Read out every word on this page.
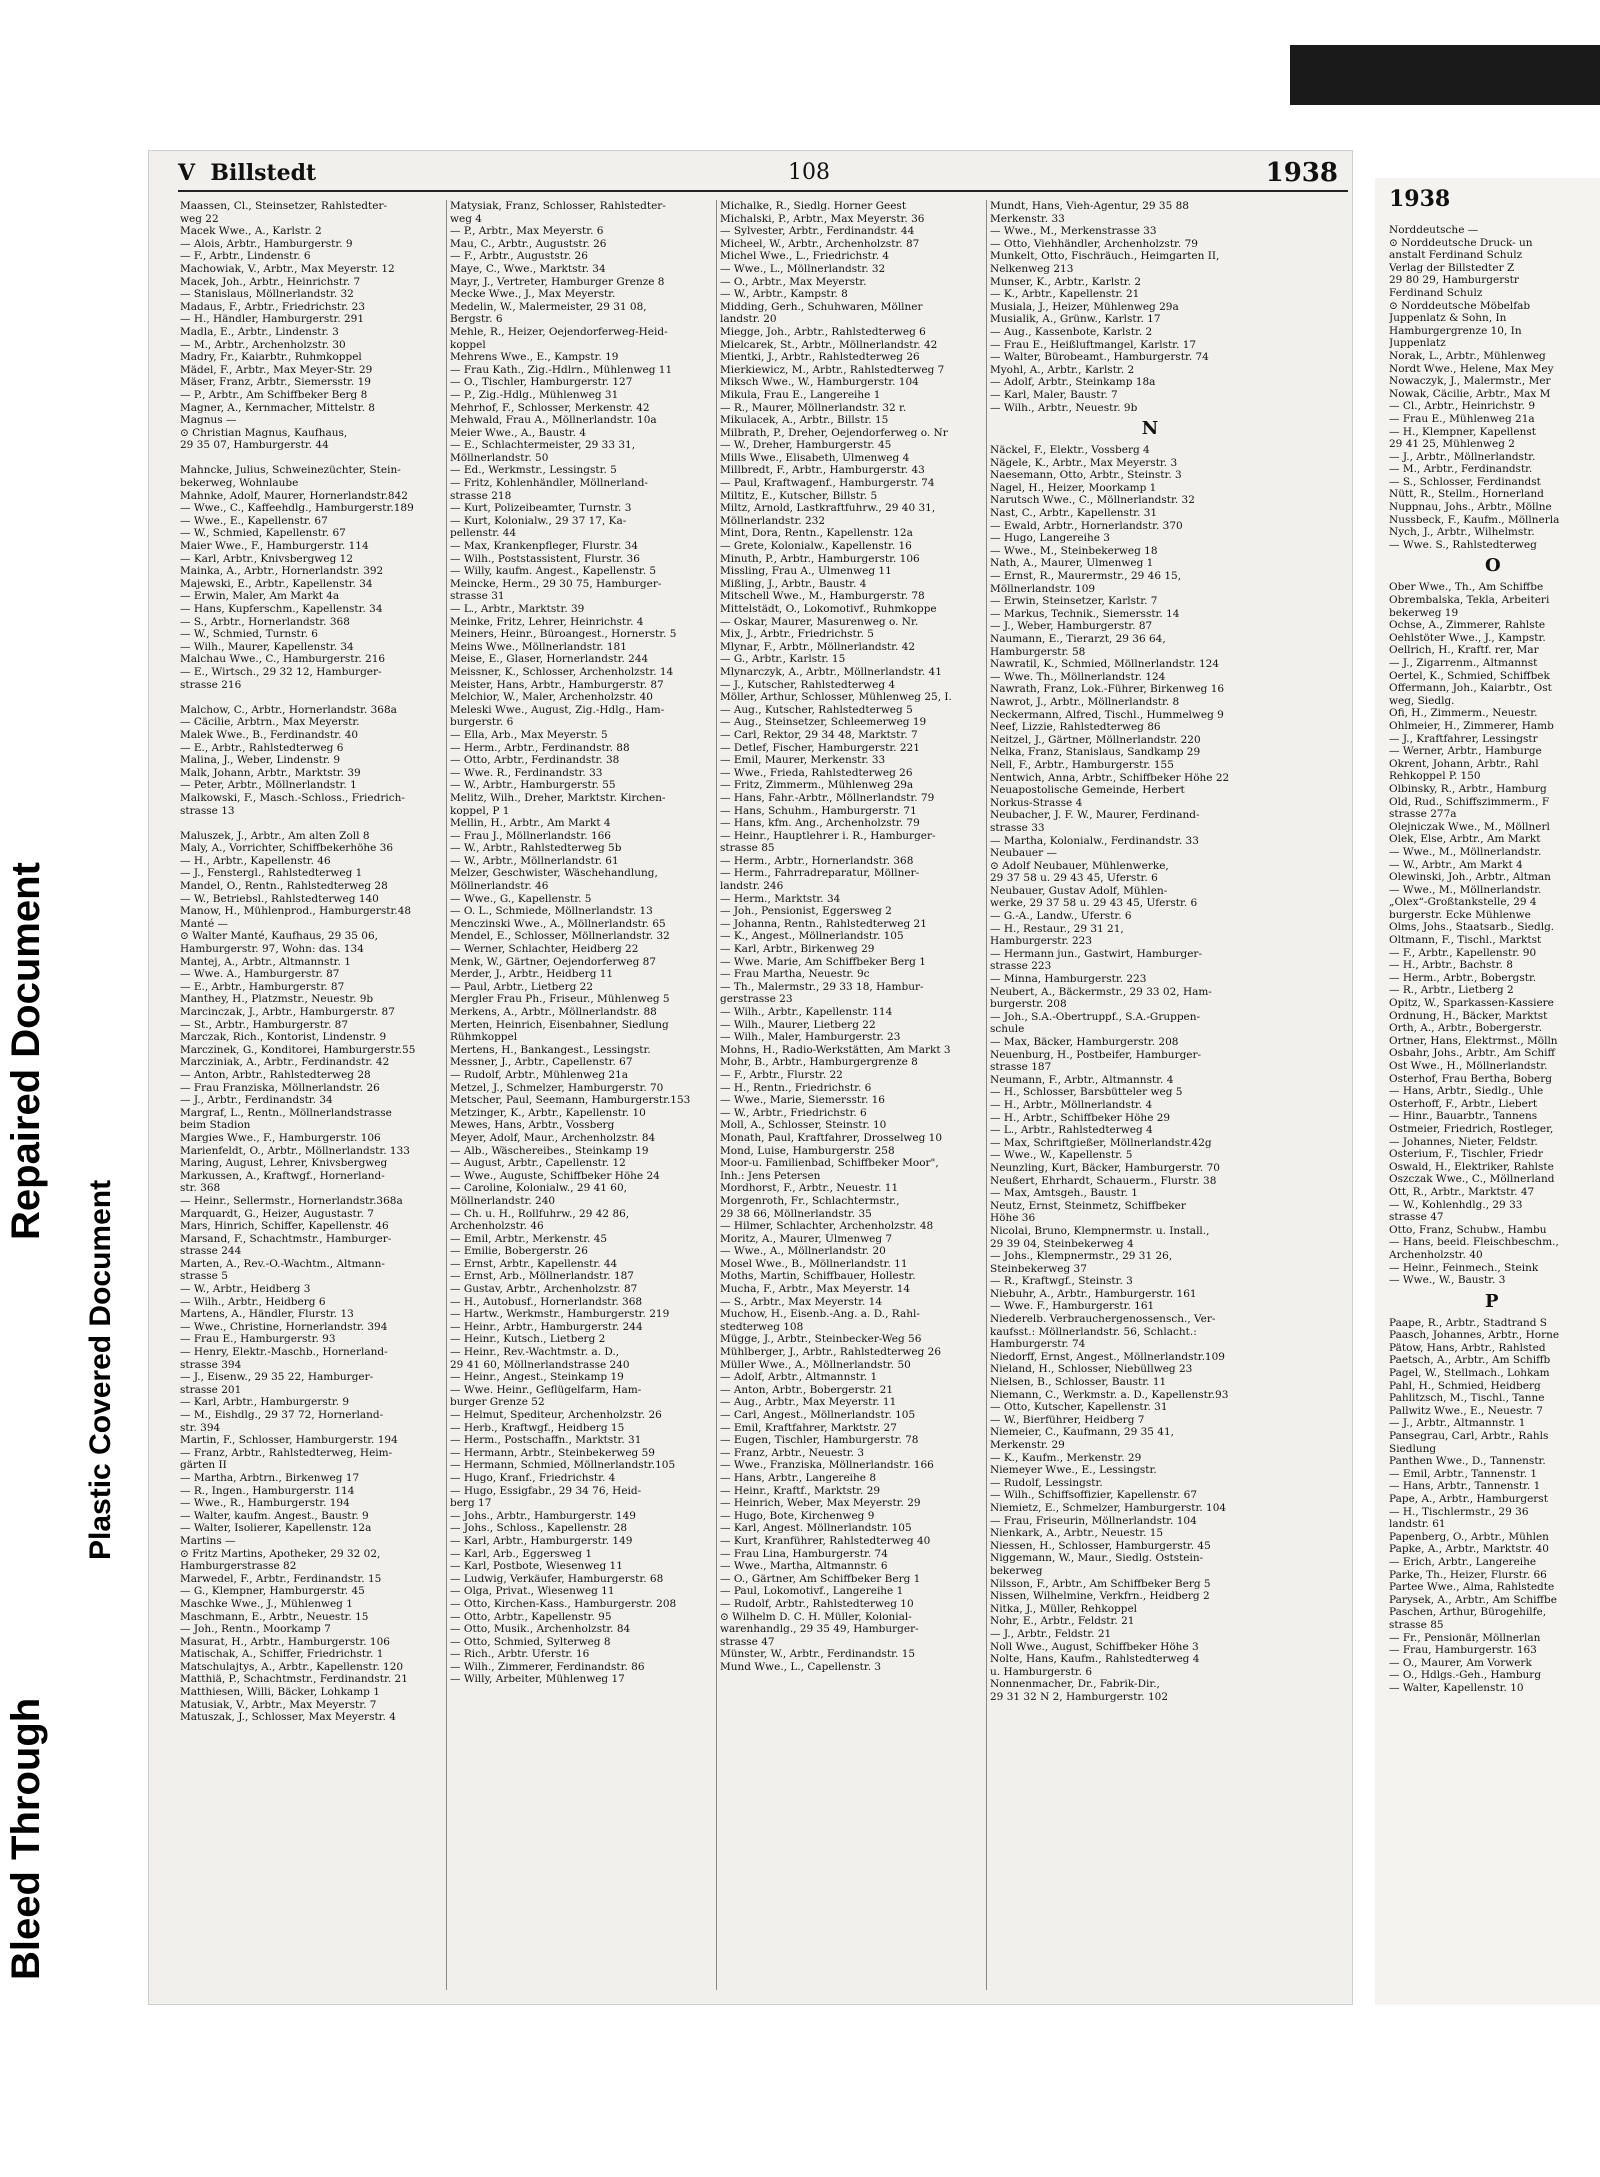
Bleed Through
Repaired Document
Plastic Covered Document
V Billstedt	108	1938
Maassen, Cl., Steinsetzer, Rahlstedter-
weg 22
Macek Wwe., A., Karlstr. 2
— Alois, Arbtr., Hamburgerstr. 9
— F., Arbtr., Lindenstr. 6
Machowiak, V., Arbtr., Max Meyerstr. 12
Macek, Joh., Arbtr., Heinrichstr. 7
— Stanislaus, Möllnerlandstr. 32
Madaus, F., Arbtr., Friedrichstr. 23
— H., Händler, Hamburgerstr. 291
Madla, E., Arbtr., Lindenstr. 3
— M., Arbtr., Archenholzstr. 30
Madry, Fr., Kaiarbtr., Ruhmkoppel
Mädel, F., Arbtr., Max Meyer-Str. 29
Mäser, Franz, Arbtr., Siemersstr. 19
— P., Arbtr., Am Schiffbeker Berg 8
Magner, A., Kernmacher, Mittelstr. 8
Magnus —
⊙ Christian Magnus, Kaufhaus,
29 35 07, Hamburgerstr. 44

Mahncke, Julius, Schweinezüchter, Stein-
bekerweg, Wohnlaube
Mahnke, Adolf, Maurer, Hornerlandstr.842
— Wwe., C., Kaffeehdlg., Hamburgerstr.189
— Wwe., E., Kapellenstr. 67
— W., Schmied, Kapellenstr. 67
Maier Wwe., F., Hamburgerstr. 114
— Karl, Arbtr., Knivsbergweg 12
Mainka, A., Arbtr., Hornerlandstr. 392
Majewski, E., Arbtr., Kapellenstr. 34
— Erwin, Maler, Am Markt 4a
— Hans, Kupferschm., Kapellenstr. 34
— S., Arbtr., Hornerlandstr. 368
— W., Schmied, Turnstr. 6
— Wilh., Maurer, Kapellenstr. 34
Malchau Wwe., C., Hamburgerstr. 216
— E., Wirtsch., 29 32 12, Hamburger-
strasse 216

Malchow, C., Arbtr., Hornerlandstr. 368a
— Cäcilie, Arbtrn., Max Meyerstr.
Malek Wwe., B., Ferdinandstr. 40
— E., Arbtr., Rahlstedterweg 6
Malina, J., Weber, Lindenstr. 9
Malk, Johann, Arbtr., Marktstr. 39
— Peter, Arbtr., Möllnerlandstr. 1
Malkowski, F., Masch.-Schloss., Friedrich-
strasse 13

Maluszek, J., Arbtr., Am alten Zoll 8
Maly, A., Vorrichter, Schiffbekerhöhe 36
— H., Arbtr., Kapellenstr. 46
— J., Fenstergl., Rahlstedterweg 1
Mandel, O., Rentn., Rahlstedterweg 28
— W., Betriebsl., Rahlstedterweg 140
Manow, H., Mühlenprod., Hamburgerstr.48
Manté —
⊙ Walter Manté, Kaufhaus, 29 35 06,
Hamburgerstr. 97, Wohn: das. 134
Mantej, A., Arbtr., Altmannstr. 1
— Wwe. A., Hamburgerstr. 87
— E., Arbtr., Hamburgerstr. 87
Manthey, H., Platzmstr., Neuestr. 9b
Marcinczak, J., Arbtr., Hamburgerstr. 87
— St., Arbtr., Hamburgerstr. 87
Marczak, Rich., Kontorist, Lindenstr. 9
Marczinek, G., Konditorei, Hamburgerstr.55
Marcziniak, A., Arbtr., Ferdinandstr. 42
— Anton, Arbtr., Rahlstedterweg 28
— Frau Franziska, Möllnerlandstr. 26
— J., Arbtr., Ferdinandstr. 34
Margraf, L., Rentn., Möllnerlandstrasse
beim Stadion
Margies Wwe., F., Hamburgerstr. 106
Marienfeldt, O., Arbtr., Möllnerlandstr. 133
Maring, August, Lehrer, Knivsbergweg
Markussen, A., Kraftwgf., Hornerland-
str. 368
— Heinr., Sellermstr., Hornerlandstr.368a
Marquardt, G., Heizer, Augustastr. 7
Mars, Hinrich, Schiffer, Kapellenstr. 46
Marsand, F., Schachtmstr., Hamburger-
strasse 244
Marten, A., Rev.-O.-Wachtm., Altmann-
strasse 5
— W., Arbtr., Heidberg 3
— Wilh., Arbtr., Heidberg 6
Martens, A., Händler, Flurstr. 13
— Wwe., Christine, Hornerlandstr. 394
— Frau E., Hamburgerstr. 93
— Henry, Elektr.-Maschb., Hornerland-
strasse 394
— J., Eisenw., 29 35 22, Hamburger-
strasse 201
— Karl, Arbtr., Hamburgerstr. 9
— M., Eishdlg., 29 37 72, Hornerland-
str. 394
Martin, F., Schlosser, Hamburgerstr. 194
— Franz, Arbtr., Rahlstedterweg, Heim-
gärten II
— Martha, Arbtrn., Birkenweg 17
— R., Ingen., Hamburgerstr. 114
— Wwe., R., Hamburgerstr. 194
— Walter, kaufm. Angest., Baustr. 9
— Walter, Isolierer, Kapellenstr. 12a
Martins —
⊙ Fritz Martins, Apotheker, 29 32 02,
Hamburgerstrasse 82
Marwedel, F., Arbtr., Ferdinandstr. 15
— G., Klempner, Hamburgerstr. 45
Maschke Wwe., J., Mühlenweg 1
Maschmann, E., Arbtr., Neuestr. 15
— Joh., Rentn., Moorkamp 7
Masurat, H., Arbtr., Hamburgerstr. 106
Matischak, A., Schiffer, Friedrichstr. 1
Matschulajtys, A., Arbtr., Kapellenstr. 120
Matthiä, P., Schachtmstr., Ferdinandstr. 21
Matthiesen, Willi, Bäcker, Lohkamp 1
Matusiak, V., Arbtr., Max Meyerstr. 7
Matuszak, J., Schlosser, Max Meyerstr. 4
Matysiak, Franz, Schlosser, Rahlstedter-
weg 4
— P., Arbtr., Max Meyerstr. 6
Mau, C., Arbtr., Auguststr. 26
— F., Arbtr., Auguststr. 26
Maye, C., Wwe., Marktstr. 34
Mayr, J., Vertreter, Hamburger Grenze 8
Mecke Wwe., J., Max Meyerstr.
Medelin, W., Malermeister, 29 31 08,
Bergstr. 6
Mehle, R., Heizer, Oejendorferweg-Heid-
koppel
Mehrens Wwe., E., Kampstr. 19
— Frau Kath., Zig.-Hdlrn., Mühlenweg 11
— O., Tischler, Hamburgerstr. 127
— P., Zig.-Hdlg., Mühlenweg 31
Mehrhof, F., Schlosser, Merkenstr. 42
Mehwald, Frau A., Möllnerlandstr. 10a
Meier Wwe., A., Baustr. 4
— E., Schlachtermeister, 29 33 31,
Möllnerlandstr. 50
— Ed., Werkmstr., Lessingstr. 5
— Fritz, Kohlenhändler, Möllnerland-
strasse 218
— Kurt, Polizeibeamter, Turnstr. 3
— Kurt, Kolonialw., 29 37 17, Ka-
pellenstr. 44
— Max, Krankenpfleger, Flurstr. 34
— Wilh., Poststassistent, Flurstr. 36
— Willy, kaufm. Angest., Kapellenstr. 5
Meincke, Herm., 29 30 75, Hamburger-
strasse 31
— L., Arbtr., Marktstr. 39
Meinke, Fritz, Lehrer, Heinrichstr. 4
Meiners, Heinr., Büroangest., Hornerstr. 5
Meins Wwe., Möllnerlandstr. 181
Meise, E., Glaser, Hornerlandstr. 244
Meissner, K., Schlosser, Archenholzstr. 14
Meister, Hans, Arbtr., Hamburgerstr. 87
Melchior, W., Maler, Archenholzstr. 40
Meleski Wwe., August, Zig.-Hdlg., Ham-
burgerstr. 6
— Ella, Arb., Max Meyerstr. 5
— Herm., Arbtr., Ferdinandstr. 88
— Otto, Arbtr., Ferdinandstr. 38
— Wwe. R., Ferdinandstr. 33
— W., Arbtr., Hamburgerstr. 55
Melitz, Wilh., Dreher, Marktstr. Kirchen-
koppel, P 1
Mellin, H., Arbtr., Am Markt 4
— Frau J., Möllnerlandstr. 166
— W., Arbtr., Rahlstedterweg 5b
— W., Arbtr., Möllnerlandstr. 61
Melzer, Geschwister, Wäschehandlung,
Möllnerlandstr. 46
— Wwe., G., Kapellenstr. 5
— O. L., Schmiede, Möllnerlandstr. 13
Menczinski Wwe., A., Möllnerlandstr. 65
Mendel, E., Schlosser, Möllnerlandstr. 32
— Werner, Schlachter, Heidberg 22
Menk, W., Gärtner, Oejendorferweg 87
Merder, J., Arbtr., Heidberg 11
— Paul, Arbtr., Lietberg 22
Mergler Frau Ph., Friseur., Mühlenweg 5
Merkens, A., Arbtr., Möllnerlandstr. 88
Merten, Heinrich, Eisenbahner, Siedlung
Rühmkoppel
Mertens, H., Bankangest., Lessingstr.
Messner, J., Arbtr., Capellenstr. 67
— Rudolf, Arbtr., Mühlenweg 21a
Metzel, J., Schmelzer, Hamburgerstr. 70
Metscher, Paul, Seemann, Hamburgerstr.153
Metzinger, K., Arbtr., Kapellenstr. 10
Mewes, Hans, Arbtr., Vossberg
Meyer, Adolf, Maur., Archenholzstr. 84
— Alb., Wäschereibes., Steinkamp 19
— August, Arbtr., Capellenstr. 12
— Wwe., Auguste, Schiffbeker Höhe 24
— Caroline, Kolonialw., 29 41 60,
Möllnerlandstr. 240
— Ch. u. H., Rollfuhrw., 29 42 86,
Archenholzstr. 46
— Emil, Arbtr., Merkenstr. 45
— Emilie, Bobergerstr. 26
— Ernst, Arbtr., Kapellenstr. 44
— Ernst, Arb., Möllnerlandstr. 187
— Gustav, Arbtr., Archenholzstr. 87
— H., Autobusf., Hornerlandstr. 368
— Hartw., Werkmstr., Hamburgerstr. 219
— Heinr., Arbtr., Hamburgerstr. 244
— Heinr., Kutsch., Lietberg 2
— Heinr., Rev.-Wachtmstr. a. D.,
29 41 60, Möllnerlandstrasse 240
— Heinr., Angest., Steinkamp 19
— Wwe. Heinr., Geflügelfarm, Ham-
burger Grenze 52
— Helmut, Spediteur, Archenholzstr. 26
— Herb., Kraftwgf., Heidberg 15
— Herm., Postschaffn., Marktstr. 31
— Hermann, Arbtr., Steinbekerweg 59
— Hermann, Schmied, Möllnerlandstr.105
— Hugo, Kranf., Friedrichstr. 4
— Hugo, Essigfabr., 29 34 76, Heid-
berg 17
— Johs., Arbtr., Hamburgerstr. 149
— Johs., Schloss., Kapellenstr. 28
— Karl, Arbtr., Hamburgerstr. 149
— Karl, Arb., Eggersweg 1
— Karl, Postbote, Wiesenweg 11
— Ludwig, Verkäufer, Hamburgerstr. 68
— Olga, Privat., Wiesenweg 11
— Otto, Kirchen-Kass., Hamburgerstr. 208
— Otto, Arbtr., Kapellenstr. 95
— Otto, Musik., Archenholzstr. 84
— Otto, Schmied, Sylterweg 8
— Rich., Arbtr. Uferstr. 16
— Wilh., Zimmerer, Ferdinandstr. 86
— Willy, Arbeiter, Mühlenweg 17
Michalke, R., Siedlg. Horner Geest
Michalski, P., Arbtr., Max Meyerstr. 36
— Sylvester, Arbtr., Ferdinandstr. 44
Micheel, W., Arbtr., Archenholzstr. 87
Michel Wwe., L., Friedrichstr. 4
— Wwe., L., Möllnerlandstr. 32
— O., Arbtr., Max Meyerstr.
— W., Arbtr., Kampstr. 8
Midding, Gerh., Schuhwaren, Möllner
landstr. 20
Miegge, Joh., Arbtr., Rahlstedterweg 6
Mielcarek, St., Arbtr., Möllnerlandstr. 42
Mientki, J., Arbtr., Rahlstedterweg 26
Mierkiewicz, M., Arbtr., Rahlstedterweg 7
Miksch Wwe., W., Hamburgerstr. 104
Mikula, Frau E., Langereihe 1
— R., Maurer, Möllnerlandstr. 32 r.
Mikulacek, A., Arbtr., Billstr. 15
Milbrath, P., Dreher, Oejendorferweg o. Nr
— W., Dreher, Hamburgerstr. 45
Mills Wwe., Elisabeth, Ulmenweg 4
Millbredt, F., Arbtr., Hamburgerstr. 43
— Paul, Kraftwagenf., Hamburgerstr. 74
Miltitz, E., Kutscher, Billstr. 5
Miltz, Arnold, Lastkraftfuhrw., 29 40 31,
Möllnerlandstr. 232
Mint, Dora, Rentn., Kapellenstr. 12a
— Grete, Kolonialw., Kapellenstr. 16
Minuth, P., Arbtr., Hamburgerstr. 106
Missling, Frau A., Ulmenweg 11
Mißling, J., Arbtr., Baustr. 4
Mitschell Wwe., M., Hamburgerstr. 78
Mittelstädt, O., Lokomotivf., Ruhmkoppe
— Oskar, Maurer, Masurenweg o. Nr.
Mix, J., Arbtr., Friedrichstr. 5
Mlynar, F., Arbtr., Möllnerlandstr. 42
— G., Arbtr., Karlstr. 15
Mlynarczyk, A., Arbtr., Möllnerlandstr. 41
— J., Kutscher, Rahlstedterweg 4
Möller, Arthur, Schlosser, Mühlenweg 25, I.
— Aug., Kutscher, Rahlstedterweg 5
— Aug., Steinsetzer, Schleemerweg 19
— Carl, Rektor, 29 34 48, Marktstr. 7
— Detlef, Fischer, Hamburgerstr. 221
— Emil, Maurer, Merkenstr. 33
— Wwe., Frieda, Rahlstedterweg 26
— Fritz, Zimmerm., Mühlenweg 29a
— Hans, Fahr.-Arbtr., Möllnerlandstr. 79
— Hans, Schuhm., Hamburgerstr. 71
— Hans, kfm. Ang., Archenholzstr. 79
— Heinr., Hauptlehrer i. R., Hamburger-
strasse 85
— Herm., Arbtr., Hornerlandstr. 368
— Herm., Fahrradreparatur, Möllner-
landstr. 246
— Herm., Marktstr. 34
— Joh., Pensionist, Eggersweg 2
— Johanna, Rentn., Rahlstedterweg 21
— K., Angest., Möllnerlandstr. 105
— Karl, Arbtr., Birkenweg 29
— Wwe. Marie, Am Schiffbeker Berg 1
— Frau Martha, Neuestr. 9c
— Th., Malermstr., 29 33 18, Hambur-
gerstrasse 23
— Wilh., Arbtr., Kapellenstr. 114
— Wilh., Maurer, Lietberg 22
— Wilh., Maler, Hamburgerstr. 23
Mohns, H., Radio-Werkstätten, Am Markt 3
Mohr, B., Arbtr., Hamburgergrenze 8
— F., Arbtr., Flurstr. 22
— H., Rentn., Friedrichstr. 6
— Wwe., Marie, Siemersstr. 16
— W., Arbtr., Friedrichstr. 6
Moll, A., Schlosser, Steinstr. 10
Monath, Paul, Kraftfahrer, Drosselweg 10
Mond, Luise, Hamburgerstr. 258
Moor-u. Familienbad, Schiffbeker Moor",
Inh.: Jens Petersen
Mordhorst, F., Arbtr., Neuestr. 11
Morgenroth, Fr., Schlachtermstr.,
29 38 66, Möllnerlandstr. 35
— Hilmer, Schlachter, Archenholzstr. 48
Moritz, A., Maurer, Ulmenweg 7
— Wwe., A., Möllnerlandstr. 20
Mosel Wwe., B., Möllnerlandstr. 11
Moths, Martin, Schiffbauer, Hollestr.
Mucha, F., Arbtr., Max Meyerstr. 14
— S., Arbtr., Max Meyerstr. 14
Muchow, H., Eisenb.-Ang. a. D., Rahl-
stedterweg 108
Mügge, J., Arbtr., Steinbecker-Weg 56
Mühlberger, J., Arbtr., Rahlstedterweg 26
Müller Wwe., A., Möllnerlandstr. 50
— Adolf, Arbtr., Altmannstr. 1
— Anton, Arbtr., Bobergerstr. 21
— Aug., Arbtr., Max Meyerstr. 11
— Carl, Angest., Möllnerlandstr. 105
— Emil, Kraftfahrer, Marktstr. 27
— Eugen, Tischler, Hamburgerstr. 78
— Franz, Arbtr., Neuestr. 3
— Wwe., Franziska, Möllnerlandstr. 166
— Hans, Arbtr., Langereihe 8
— Heinr., Kraftf., Marktstr. 29
— Heinrich, Weber, Max Meyerstr. 29
— Hugo, Bote, Kirchenweg 9
— Karl, Angest. Möllnerlandstr. 105
— Kurt, Kranführer, Rahlstedterweg 40
— Frau Lina, Hamburgerstr. 74
— Wwe., Martha, Altmannstr. 6
— O., Gärtner, Am Schiffbeker Berg 1
— Paul, Lokomotivf., Langereihe 1
— Rudolf, Arbtr., Rahlstedterweg 10
⊙ Wilhelm D. C. H. Müller, Kolonial-
warenhandlg., 29 35 49, Hamburger-
strasse 47
Münster, W., Arbtr., Ferdinandstr. 15
Mund Wwe., L., Capellenstr. 3
Mundt, Hans, Vieh-Agentur, 29 35 88
Merkenstr. 33
— Wwe., M., Merkenstrasse 33
— Otto, Viehhändler, Archenholzstr. 79
Munkelt, Otto, Fischräuch., Heimgarten II,
Nelkenweg 213
Munser, K., Arbtr., Karlstr. 2
— K., Arbtr., Kapellenstr. 21
Musiala, J., Heizer, Mühlenweg 29a
Musialik, A., Grünw., Karlstr. 17
— Aug., Kassenbote, Karlstr. 2
— Frau E., Heißluftmangel, Karlstr. 17
— Walter, Bürobeamt., Hamburgerstr. 74
Myohl, A., Arbtr., Karlstr. 2
— Adolf, Arbtr., Steinkamp 18a
— Karl, Maler, Baustr. 7
— Wilh., Arbtr., Neuestr. 9b
N
Näckel, F., Elektr., Vossberg 4
Nägele, K., Arbtr., Max Meyerstr. 3
Naesemann, Otto, Arbtr., Steinstr. 3
Nagel, H., Heizer, Moorkamp 1
Narutsch Wwe., C., Möllnerlandstr. 32
Nast, C., Arbtr., Kapellenstr. 31
— Ewald, Arbtr., Hornerlandstr. 370
— Hugo, Langereihe 3
— Wwe., M., Steinbekerweg 18
Nath, A., Maurer, Ulmenweg 1
— Ernst, R., Maurermstr., 29 46 15,
Möllnerlandstr. 109
— Erwin, Steinsetzer, Karlstr. 7
— Markus, Technik., Siemersstr. 14
— J., Weber, Hamburgerstr. 87
Naumann, E., Tierarzt, 29 36 64,
Hamburgerstr. 58
Nawratil, K., Schmied, Möllnerlandstr. 124
— Wwe. Th., Möllnerlandstr. 124
Nawrath, Franz, Lok.-Führer, Birkenweg 16
Nawrot, J., Arbtr., Möllnerlandstr. 8
Neckermann, Alfred, Tischl., Hummelweg 9
Neef, Lizzie, Rahlstedterweg 86
Neitzel, J., Gärtner, Möllnerlandstr. 220
Nelka, Franz, Stanislaus, Sandkamp 29
Nell, F., Arbtr., Hamburgerstr. 155
Nentwich, Anna, Arbtr., Schiffbeker Höhe 22
Neuapostolische Gemeinde, Herbert
Norkus-Strasse 4
Neubacher, J. F. W., Maurer, Ferdinand-
strasse 33
— Martha, Kolonialw., Ferdinandstr. 33
Neubauer —
⊙ Adolf Neubauer, Mühlenwerke,
29 37 58 u. 29 43 45, Uferstr. 6
Neubauer, Gustav Adolf, Mühlen-
werke, 29 37 58 u. 29 43 45, Uferstr. 6
— G.-A., Landw., Uferstr. 6
— H., Restaur., 29 31 21,
Hamburgerstr. 223
— Hermann jun., Gastwirt, Hamburger-
strasse 223
— Minna, Hamburgerstr. 223
Neubert, A., Bäckermstr., 29 33 02, Ham-
burgerstr. 208
— Joh., S.A.-Obertruppf., S.A.-Gruppen-
schule
— Max, Bäcker, Hamburgerstr. 208
Neuenburg, H., Postbeifer, Hamburger-
strasse 187
Neumann, F., Arbtr., Altmannstr. 4
— H., Schlosser, Barsbütteler weg 5
— H., Arbtr., Möllnerlandstr. 4
— H., Arbtr., Schiffbeker Höhe 29
— L., Arbtr., Rahlstedterweg 4
— Max, Schriftgießer, Möllnerlandstr.42g
— Wwe., W., Kapellenstr. 5
Neunzling, Kurt, Bäcker, Hamburgerstr. 70
Neußert, Ehrhardt, Schauerm., Flurstr. 38
— Max, Amtsgeh., Baustr. 1
Neutz, Ernst, Steinmetz, Schiffbeker
Höhe 36
Nicolai, Bruno, Klempnermstr. u. Install.,
29 39 04, Steinbekerweg 4
— Johs., Klempnermstr., 29 31 26,
Steinbekerweg 37
— R., Kraftwgf., Steinstr. 3
Niebuhr, A., Arbtr., Hamburgerstr. 161
— Wwe. F., Hamburgerstr. 161
Niederelb. Verbrauchergenossensch., Ver-
kaufsst.: Möllnerlandstr. 56, Schlacht.:
Hamburgerstr. 74
Niedorff, Ernst, Angest., Möllnerlandstr.109
Nieland, H., Schlosser, Niebüllweg 23
Nielsen, B., Schlosser, Baustr. 11
Niemann, C., Werkmstr. a. D., Kapellenstr.93
— Otto, Kutscher, Kapellenstr. 31
— W., Bierführer, Heidberg 7
Niemeier, C., Kaufmann, 29 35 41,
Merkenstr. 29
— K., Kaufm., Merkenstr. 29
Niemeyer Wwe., E., Lessingstr.
— Rudolf, Lessingstr.
— Wilh., Schiffsoffizier, Kapellenstr. 67
Niemietz, E., Schmelzer, Hamburgerstr. 104
— Frau, Friseurin, Möllnerlandstr. 104
Nienkark, A., Arbtr., Neuestr. 15
Niessen, H., Schlosser, Hamburgerstr. 45
Niggemann, W., Maur., Siedlg. Oststein-
bekerweg
Nilsson, F., Arbtr., Am Schiffbeker Berg 5
Nissen, Wilhelmine, Verkfrn., Heidberg 2
Nitka, J., Müller, Rehkoppel
Nohr, E., Arbtr., Feldstr. 21
— J., Arbtr., Feldstr. 21
Noll Wwe., August, Schiffbeker Höhe 3
Nolte, Hans, Kaufm., Rahlstedterweg 4
u. Hamburgerstr. 6
Nonnenmacher, Dr., Fabrik-Dir.,
29 31 32 N 2, Hamburgerstr. 102
1938
Norddeutsche —
⊙ Norddeutsche Druck- un
anstalt Ferdinand Schulz
Verlag der Billstedter Z
29 80 29, Hamburgerstr
Ferdinand Schulz
⊙ Norddeutsche Möbelfab
Juppenlatz & Sohn, In
Hamburgergrenze 10, In
Juppenlatz
Norak, L., Arbtr., Mühlenweg
Nordt Wwe., Helene, Max Mey
Nowaczyk, J., Malermstr., Mer
Nowak, Cäcilie, Arbtr., Max M
— Cl., Arbtr., Heinrichstr. 9
— Frau E., Mühlenweg 21a
— H., Klempner, Kapellenst
29 41 25, Mühlenweg 2
— J., Arbtr., Möllnerlandstr.
— M., Arbtr., Ferdinandstr.
— S., Schlosser, Ferdinandst
Nütt, R., Stellm., Hornerland
Nuppnau, Johs., Arbtr., Möllne
Nussbeck, F., Kaufm., Möllnerla
Nych, J., Arbtr., Wilhelmstr.
— Wwe. S., Rahlstedterweg
O
Ober Wwe., Th., Am Schiffbe
Obrembalska, Tekla, Arbeiteri
bekerweg 19
Ochse, A., Zimmerer, Rahlste
Oehlstöter Wwe., J., Kampstr.
Oellrich, H., Kraftf. rer, Mar
— J., Zigarrenm., Altmannst
Oertel, K., Schmied, Schiffbek
Offermann, Joh., Kaiarbtr., Ost
weg, Siedlg.
Ofi, H., Zimmerm., Neuestr.
Ohlmeier, H., Zimmerer, Hamb
— J., Kraftfahrer, Lessingstr
— Werner, Arbtr., Hamburge
Okrent, Johann, Arbtr., Rahl
Rehkoppel P. 150
Olbinsky, R., Arbtr., Hamburg
Old, Rud., Schiffszimmerm., F
strasse 277a
Olejniczak Wwe., M., Möllnerl
Olek, Else, Arbtr., Am Markt
— Wwe., M., Möllnerlandstr.
— W., Arbtr., Am Markt 4
Olewinski, Joh., Arbtr., Altman
— Wwe., M., Möllnerlandstr.
„Olex“-Großtankstelle, 29 4
burgerstr. Ecke Mühlenwe
Olms, Johs., Staatsarb., Siedlg.
Oltmann, F., Tischl., Marktst
— F., Arbtr., Kapellenstr. 90
— H., Arbtr., Bachstr. 8
— Herm., Arbtr., Bobergstr.
— R., Arbtr., Lietberg 2
Opitz, W., Sparkassen-Kassiere
Ordnung, H., Bäcker, Marktst
Orth, A., Arbtr., Bobergerstr.
Ortner, Hans, Elektrmst., Mölln
Osbahr, Johs., Arbtr., Am Schiff
Ost Wwe., H., Möllnerlandstr.
Osterhof, Frau Bertha, Boberg
— Hans, Arbtr., Siedlg., Uhle
Osterhoff, F., Arbtr., Liebert
— Hinr., Bauarbtr., Tannens
Ostmeier, Friedrich, Rostleger,
— Johannes, Nieter, Feldstr.
Osterium, F., Tischler, Friedr
Oswald, H., Elektriker, Rahlste
Oszczak Wwe., C., Möllnerland
Ott, R., Arbtr., Marktstr. 47
— W., Kohlenhdlg., 29 33
strasse 47
Otto, Franz, Schubw., Hambu
— Hans, beeid. Fleischbeschm.,
Archenholzstr. 40
— Heinr., Feinmech., Steink
— Wwe., W., Baustr. 3
P
Paape, R., Arbtr., Stadtrand S
Paasch, Johannes, Arbtr., Horne
Pätow, Hans, Arbtr., Rahlsted
Paetsch, A., Arbtr., Am Schiffb
Pagel, W., Stellmach., Lohkam
Pahl, H., Schmied, Heidberg
Pahlitzsch, M., Tischl., Tanne
Pallwitz Wwe., E., Neuestr. 7
— J., Arbtr., Altmannstr. 1
Pansegrau, Carl, Arbtr., Rahls
Siedlung
Panthen Wwe., D., Tannenstr.
— Emil, Arbtr., Tannenstr. 1
— Hans, Arbtr., Tannenstr. 1
Pape, A., Arbtr., Hamburgerst
— H., Tischlermstr., 29 36
landstr. 61
Papenberg, O., Arbtr., Mühlen
Papke, A., Arbtr., Marktstr. 40
— Erich, Arbtr., Langereihe
Parke, Th., Heizer, Flurstr. 66
Partee Wwe., Alma, Rahlstedte
Parysek, A., Arbtr., Am Schiffbe
Paschen, Arthur, Bürogehilfe,
strasse 85
— Fr., Pensionär, Möllnerlan
— Frau, Hamburgerstr. 163
— O., Maurer, Am Vorwerk
— O., Hdlgs.-Geh., Hamburg
— Walter, Kapellenstr. 10
